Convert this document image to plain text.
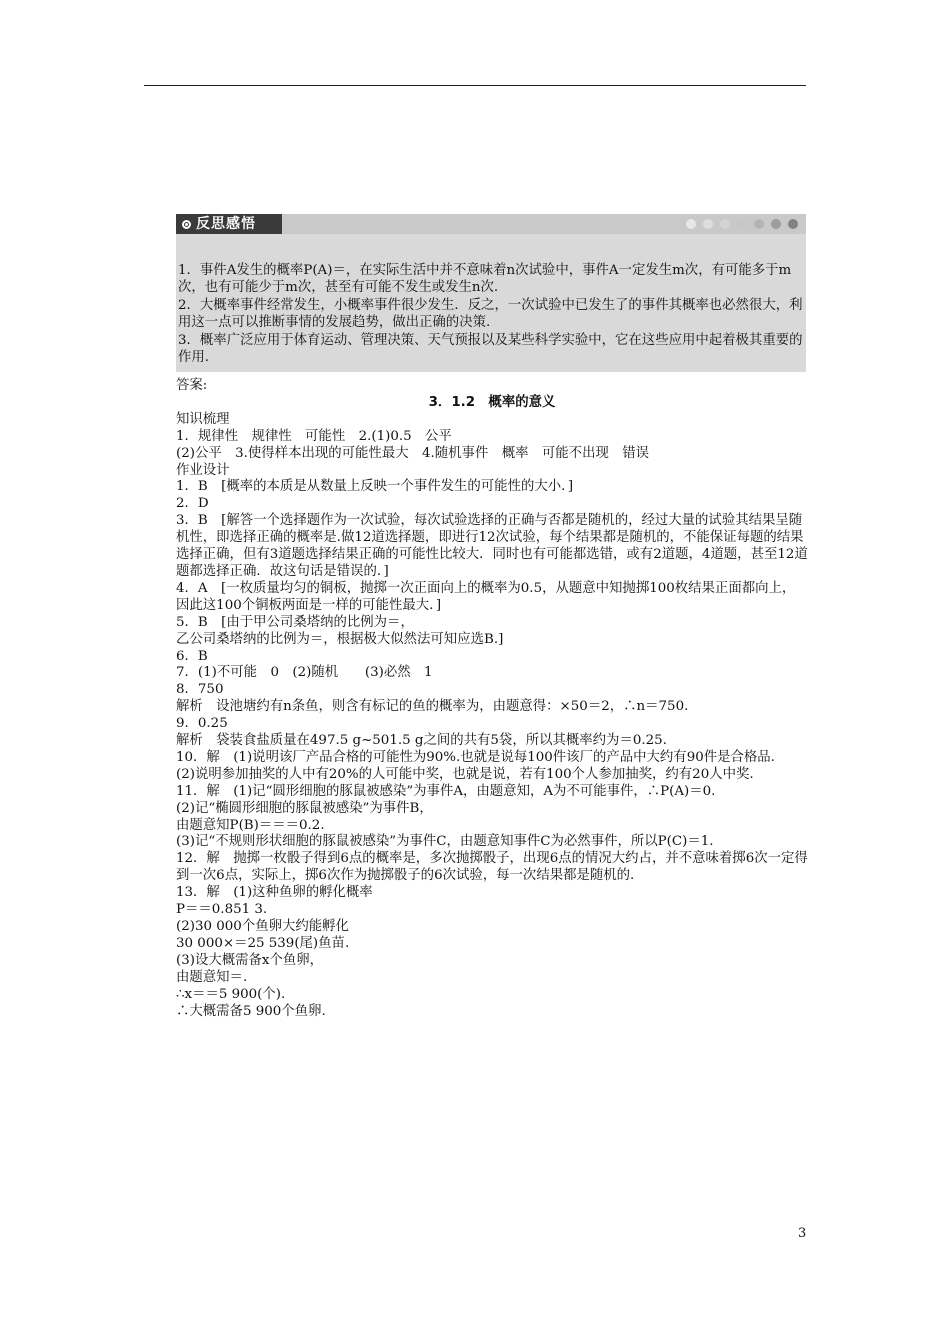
反思感悟

1．事件A发生的概率P(A)＝，在实际生活中并不意味着n次试验中，事件A一定发生m次，有可能多于m次，也有可能少于m次，甚至有可能不发生或发生n次.

2．大概率事件经常发生，小概率事件很少发生．反之，一次试验中已发生了的事件其概率也必然很大，利用这一点可以推断事情的发展趋势，做出正确的决策.

3．概率广泛应用于体育运动、管理决策、天气预报以及某些科学实验中，它在这些应用中起着极其重要的作用.

答案:

3．1.2　概率的意义

知识梳理

1．规律性　规律性　可能性　2.(1)0.5　公平

(2)公平　3.使得样本出现的可能性最大　4.随机事件　概率　可能不出现　错误

作业设计

1．B　[概率的本质是从数量上反映一个事件发生的可能性的大小．]

2．D

3．B　[解答一个选择题作为一次试验，每次试验选择的正确与否都是随机的，经过大量的试验其结果呈随机性，即选择正确的概率是.做12道选择题，即进行12次试验，每个结果都是随机的，不能保证每题的结果选择正确，但有3道题选择结果正确的可能性比较大．同时也有可能都选错，或有2道题，4道题，甚至12道题都选择正确．故这句话是错误的．]

4．A　[一枚质量均匀的铜板，抛掷一次正面向上的概率为0.5，从题意中知抛掷100枚结果正面都向上，因此这100个铜板两面是一样的可能性最大．]

5．B　[由于甲公司桑塔纳的比例为＝，

乙公司桑塔纳的比例为＝，根据极大似然法可知应选B.]

6．B

7．(1)不可能　0　(2)随机　　(3)必然　1

8．750

解析　设池塘约有n条鱼，则含有标记的鱼的概率为，由题意得：×50＝2，∴n＝750.

9．0.25

解析　袋装食盐质量在497.5 g~501.5 g之间的共有5袋，所以其概率约为＝0.25.

10．解　(1)说明该厂产品合格的可能性为90%.也就是说每100件该厂的产品中大约有90件是合格品.

(2)说明参加抽奖的人中有20%的人可能中奖，也就是说，若有100个人参加抽奖，约有20人中奖.

11．解　(1)记“圆形细胞的豚鼠被感染”为事件A，由题意知，A为不可能事件，∴P(A)＝0.

(2)记“椭圆形细胞的豚鼠被感染”为事件B，

由题意知P(B)＝＝＝0.2.

(3)记“不规则形状细胞的豚鼠被感染”为事件C，由题意知事件C为必然事件，所以P(C)＝1.

12．解　抛掷一枚骰子得到6点的概率是，多次抛掷骰子，出现6点的情况大约占，并不意味着掷6次一定得到一次6点，实际上，掷6次作为抛掷骰子的6次试验，每一次结果都是随机的.

13．解　(1)这种鱼卵的孵化概率

P＝＝0.851 3.

(2)30 000个鱼卵大约能孵化

30 000×＝25 539(尾)鱼苗.

(3)设大概需备x个鱼卵，

由题意知＝.

∴x＝＝5 900(个).

∴大概需备5 900个鱼卵.

3
